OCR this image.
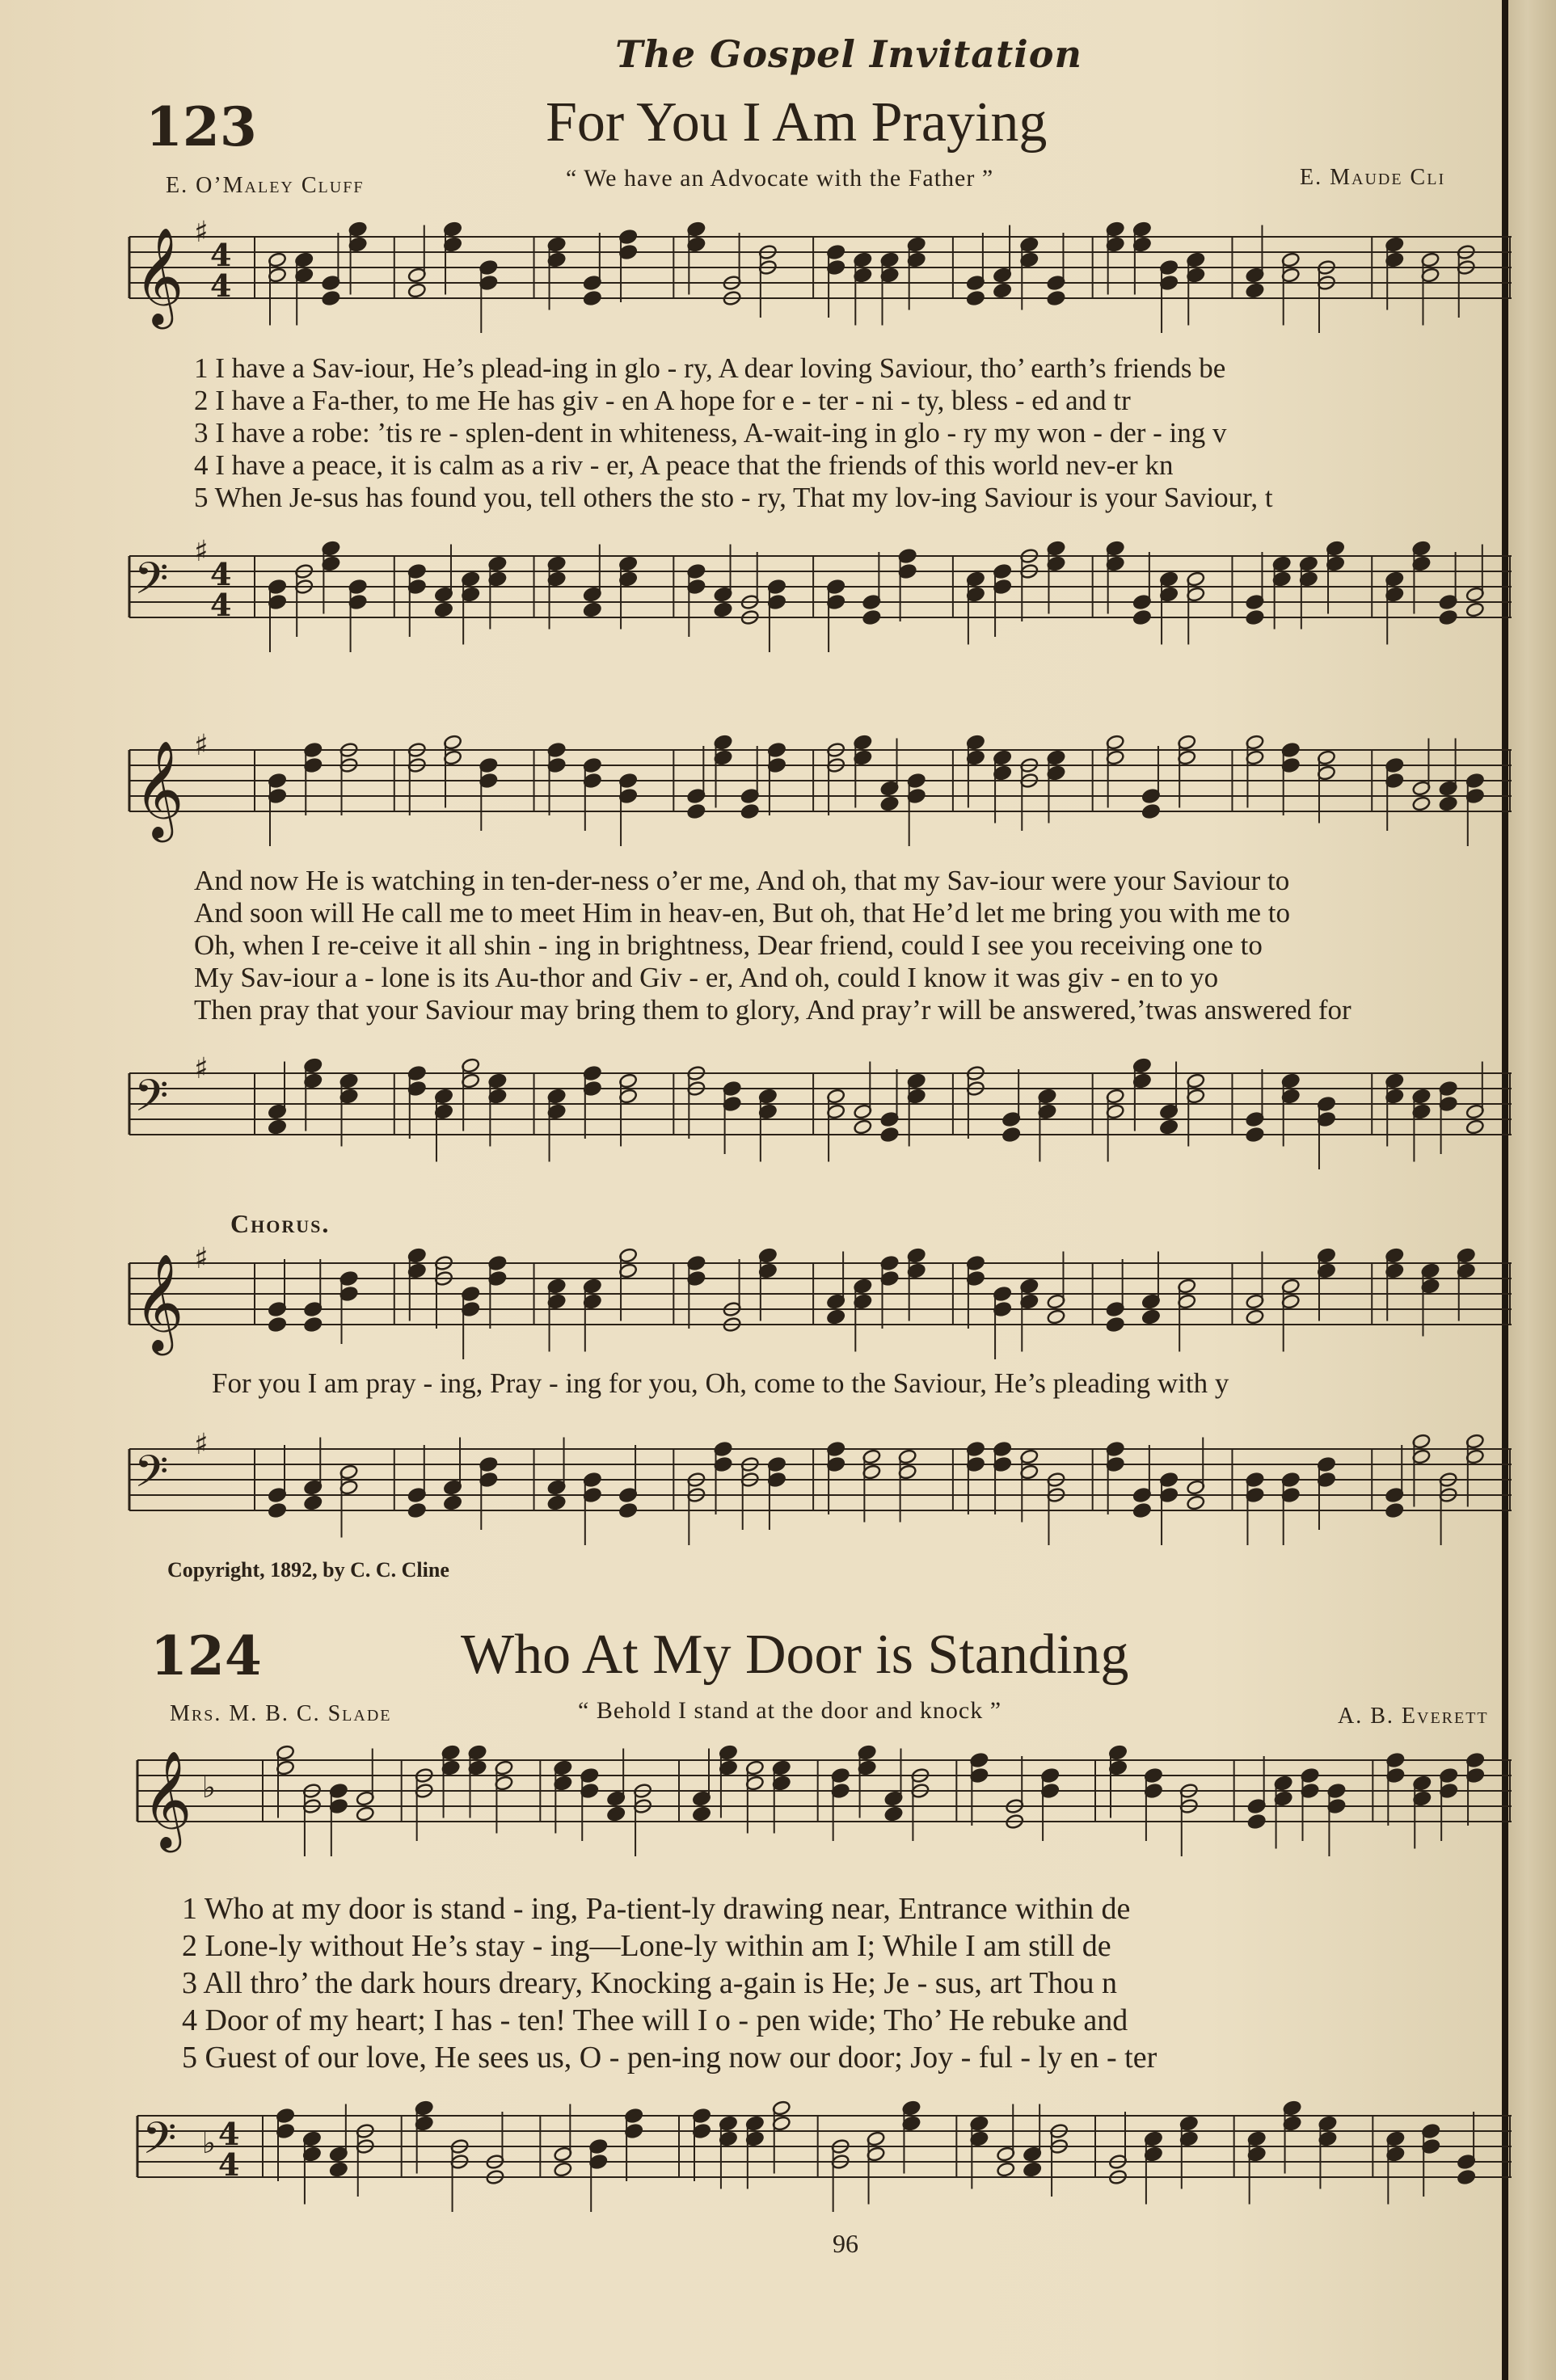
The Gospel Invitation
123	For You I Am Praying
E. O’Maley Cluff	“ We have an Advocate with the Father ”	E. Maude Cli
𝄞 ♯
4
4
1 I have a Sav-iour, He’s plead-ing in glo - ry, A dear loving Saviour, tho’ earth’s friends be
2 I have a Fa-ther, to me He has giv - en A hope for e - ter - ni - ty, bless - ed and tr
3 I have a robe: ’tis re - splen-dent in whiteness, A-wait-ing in glo - ry my won - der - ing v
4 I have a peace, it is calm as a riv - er, A peace that the friends of this world nev-er kn
5 When Je-sus has found you, tell others the sto - ry, That my lov-ing Saviour is your Saviour, t
𝄢
♯
4
4
𝄞 ♯
And now He is watching in ten-der-ness o’er me, And oh, that my Sav-iour were your Saviour to
And soon will He call me to meet Him in heav-en, But oh, that He’d let me bring you with me to
Oh, when I re-ceive it all shin - ing in brightness, Dear friend, could I see you receiving one to
My Sav-iour a - lone is its Au-thor and Giv - er, And oh, could I know it was giv - en to yo
Then pray that your Saviour may bring them to glory, And pray’r will be answered,’twas answered for
𝄢
♯
Chorus.
𝄞 ♯
For you I am pray - ing, Pray - ing for you, Oh, come to the Saviour, He’s pleading with y
𝄢
♯
Copyright, 1892, by C. C. Cline
124	Who At My Door is Standing
Mrs. M. B. C. Slade	“ Behold I stand at the door and knock ”	A. B. Everett
𝄞 ♭
1 Who at my door is stand - ing, Pa-tient-ly drawing near, Entrance within de
2 Lone-ly without He’s stay - ing—Lone-ly within am I; While I am still de
3 All thro’ the dark hours dreary, Knocking a-gain is He; Je - sus, art Thou n
4 Door of my heart; I has - ten! Thee will I o - pen wide; Tho’ He rebuke and
5 Guest of our love, He sees us, O - pen-ing now our door; Joy - ful - ly en - ter
𝄢 ♭ 4
4
96
